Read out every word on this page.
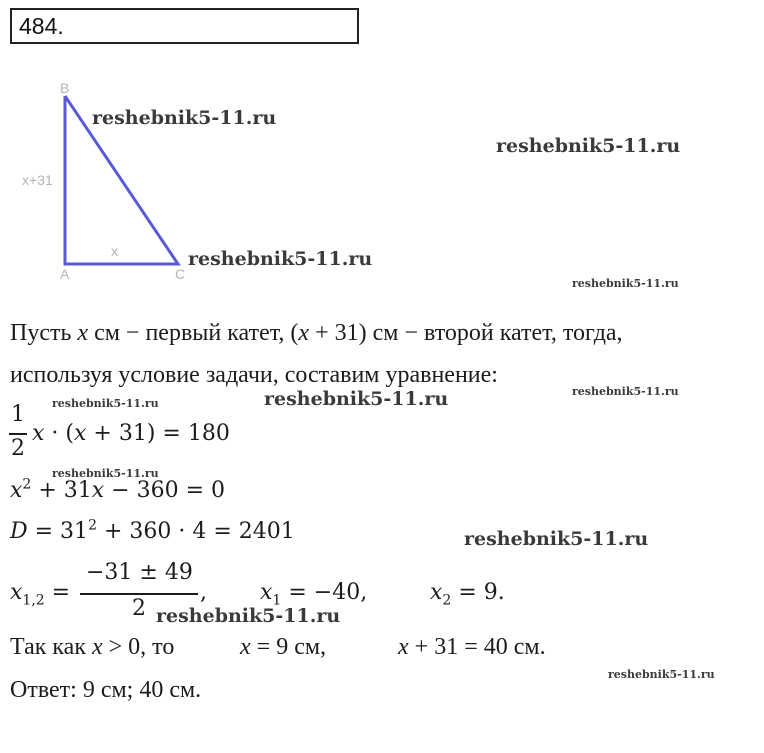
484.
B
A	C
x+31
x
reshebnik5-11.ru
reshebnik5-11.ru
reshebnik5-11.ru
reshebnik5-11.ru
reshebnik5-11.ru	reshebnik5-11.ru	reshebnik5-11.ru
reshebnik5-11.ru
reshebnik5-11.ru
reshebnik5-11.ru
reshebnik5-11.ru
Пусть x см − первый катет, (x + 31) см − второй катет, тогда,
используя условие задачи, составим уравнение:
1
2
x · (x + 31) = 180
$x^2 + 31x - 360 = 0$
$D = 31^2 + 360 \cdot 4 = 2401$
$x_{1,2}$ =
−31 ± 49
2
, $x_1 = -40$,	$x_2 = 9$.
Так как x > 0, то	x = 9 см,	x + 31 = 40 см.
Ответ: 9 см; 40 см.
